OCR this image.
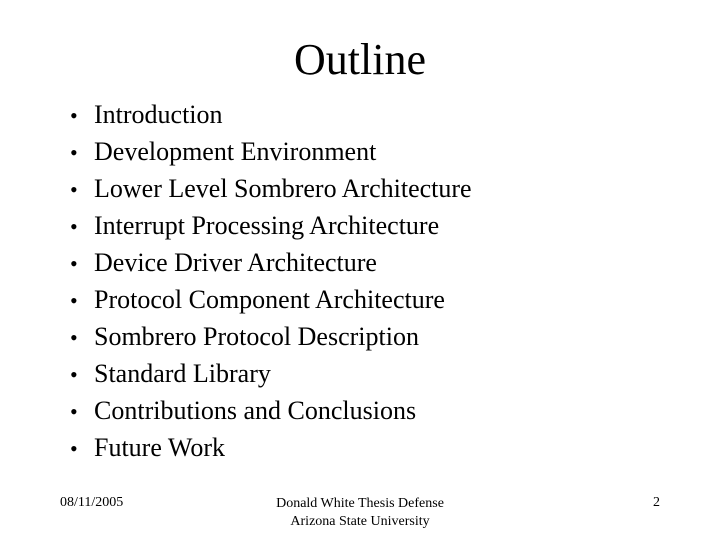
Outline
• Introduction
• Development Environment
• Lower Level Sombrero Architecture
• Interrupt Processing Architecture
• Device Driver Architecture
• Protocol Component Architecture
• Sombrero Protocol Description
• Standard Library
• Contributions and Conclusions
• Future Work
08/11/2005	Donald White Thesis Defense
Arizona State University
2
